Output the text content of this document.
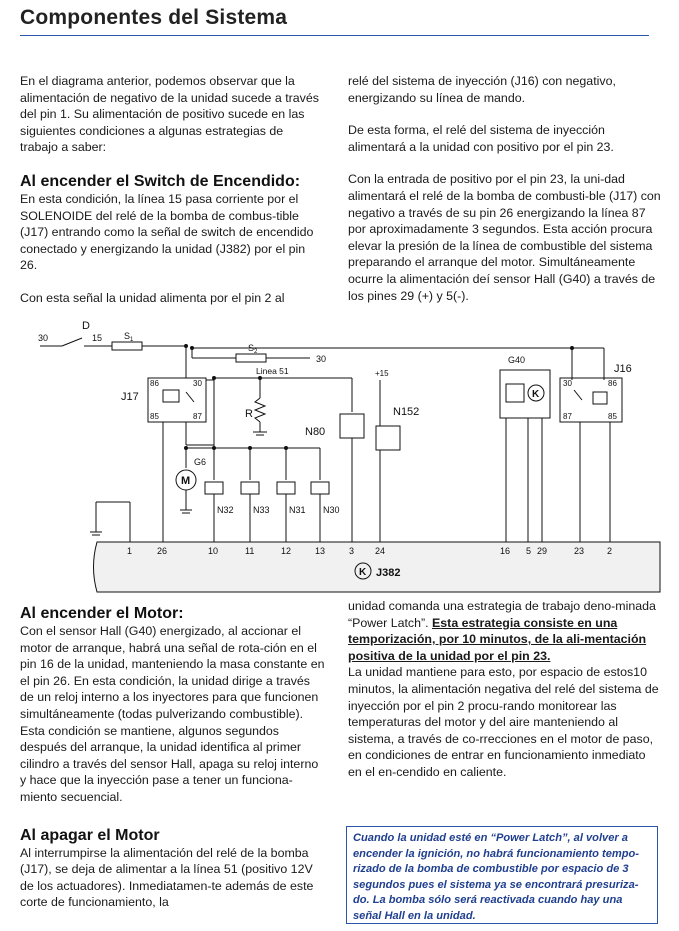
Componentes del Sistema

En el diagrama anterior, podemos observar que la alimentación de negativo de la unidad sucede a través del pin 1. Su alimentación de positivo sucede en las siguientes condiciones a algunas estrategias de trabajo a saber:

Al encender el Switch de Encendido:

En esta condición, la línea 15 pasa corriente por el SOLENOIDE del relé de la bomba de combus-tible (J17) entrando como la señal de switch de encendido conectado y energizando la unidad (J382) por el pin 26.

Con esta señal la unidad alimenta por el pin 2 al

relé del sistema de inyección (J16) con negativo, energizando su línea de mando.

De esta forma, el relé del sistema de inyección alimentará a la unidad con positivo por el pin 23.

Con la entrada de positivo por el pin 23, la uni-dad alimentará el relé de la bomba de combusti-ble (J17) con negativo a través de su pin 26 energizando la línea 87 por aproximadamente 3 segundos. Esta acción procura elevar la presión de la línea de combustible del sistema preparando el arranque del motor. Simultáneamente ocurre la alimentación deí sensor Hall (G40) a través de los pines 29 (+) y 5(-).

30
D
15 $S_1$
$S_2$
30
Linea 51	+15
J17
86	30
85	87	R
N80
N152
G6
M
N32 N33 N31 N30
G40
K
J16
30	86
87	85
K J382
1	26	10	11	12	13	3 24	16 5 29	23	2
Al encender el Motor:

Con el sensor Hall (G40) energizado, al accionar el motor de arranque, habrá una señal de rota-ción en el pin 16 de la unidad, manteniendo la masa constante en el pin 26. En esta condición, la unidad dirige a través de un reloj interno a los inyectores para que funcionen simultáneamente (todas pulverizando combustible). Esta condición se mantiene, algunos segundos después del arranque, la unidad identifica al primer cilindro a través del sensor Hall, apaga su reloj interno y hace que la inyección pase a tener un funciona-miento secuencial.

Al apagar el Motor

Al interrumpirse la alimentación del relé de la bomba (J17), se deja de alimentar a la línea 51 (positivo 12V de los actuadores). Inmediatamen-te además de este corte de funcionamiento, la

unidad comanda una estrategia de trabajo deno-minada “Power Latch”. Esta estrategia consiste en una temporización, por 10 minutos, de la ali-mentación positiva de la unidad por el pin 23.

La unidad mantiene para esto, por espacio de estos10 minutos, la alimentación negativa del relé del sistema de inyección por el pin 2 procu-rando monitorear las temperaturas del motor y del aire manteniendo al sistema, a través de co-rrecciones en el motor de paso, en condiciones de entrar en funcionamiento inmediato en el en-cendido en caliente.

Cuando la unidad esté en “Power Latch”, al volver a encender la ignición, no habrá funcionamiento tempo-rizado de la bomba de combustible por espacio de 3 segundos pues el sistema ya se encontrará presuriza-do. La bomba sólo será reactivada cuando hay una señal Hall en la unidad.
